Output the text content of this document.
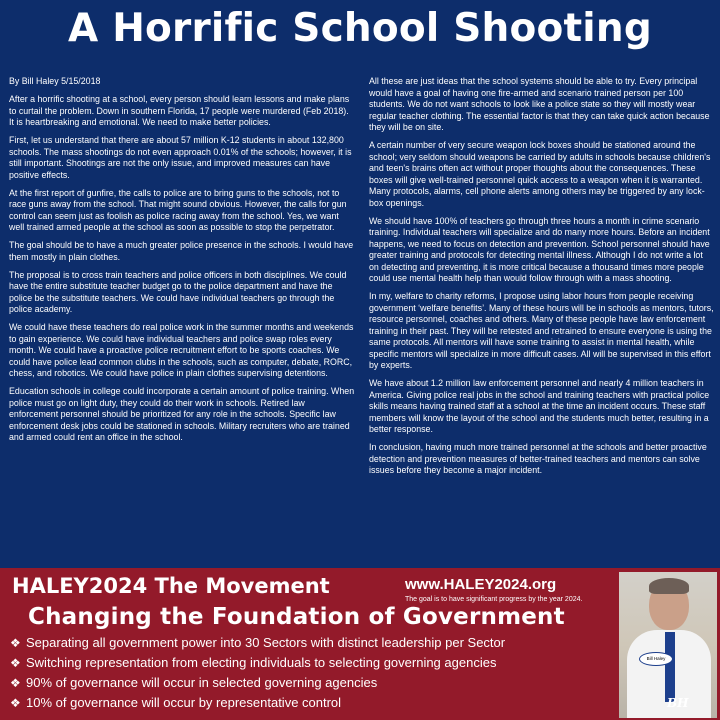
A Horrific School Shooting

By Bill Haley 5/15/2018

After a horrific shooting at a school, every person should learn lessons and make plans to curtail the problem. Down in southern Florida, 17 people were murdered (Feb 2018). It is heartbreaking and emotional. We need to make better policies.

First, let us understand that there are about 57 million K-12 students in about 132,800 schools. The mass shootings do not even approach 0.01% of the schools; however, it is still important. Shootings are not the only issue, and improved measures can have positive effects.

At the first report of gunfire, the calls to police are to bring guns to the schools, not to race guns away from the school. That might sound obvious. However, the calls for gun control can seem just as foolish as police racing away from the school. Yes, we want well trained armed people at the school as soon as possible to stop the perpetrator.

The goal should be to have a much greater police presence in the schools. I would have them mostly in plain clothes.

The proposal is to cross train teachers and police officers in both disciplines. We could have the entire substitute teacher budget go to the police department and have the police be the substitute teachers. We could have individual teachers go through the police academy.

We could have these teachers do real police work in the summer months and weekends to gain experience. We could have individual teachers and police swap roles every month. We could have a proactive police recruitment effort to be sports coaches. We could have police lead common clubs in the schools, such as computer, debate, RORC, chess, and robotics. We could have police in plain clothes supervising detentions.

Education schools in college could incorporate a certain amount of police training. When police must go on light duty, they could do their work in schools. Retired law enforcement personnel should be prioritized for any role in the schools. Specific law enforcement desk jobs could be stationed in schools. Military recruiters who are trained and armed could rent an office in the school.

All these are just ideas that the school systems should be able to try. Every principal would have a goal of having one fire-armed and scenario trained person per 100 students. We do not want schools to look like a police state so they will mostly wear regular teacher clothing. The essential factor is that they can take quick action because they will be on site.

A certain number of very secure weapon lock boxes should be stationed around the school; very seldom should weapons be carried by adults in schools because children's and teen's brains often act without proper thoughts about the consequences. These boxes will give well-trained personnel quick access to a weapon when it is warranted. Many protocols, alarms, cell phone alerts among others may be triggered by any lock-box openings.

We should have 100% of teachers go through three hours a month in crime scenario training. Individual teachers will specialize and do many more hours. Before an incident happens, we need to focus on detection and prevention. School personnel should have greater training and protocols for detecting mental illness. Although I do not write a lot on detecting and preventing, it is more critical because a thousand times more people could use mental health help than would follow through with a mass shooting.

In my, welfare to charity reforms, I propose using labor hours from people receiving government ‘welfare benefits’. Many of these hours will be in schools as mentors, tutors, resource personnel, coaches and others. Many of these people have law enforcement training in their past. They will be retested and retrained to ensure everyone is using the same protocols. All mentors will have some training to assist in mental health, while specific mentors will specialize in more difficult cases. All will be supervised in this effort by experts.

We have about 1.2 million law enforcement personnel and nearly 4 million teachers in America. Giving police real jobs in the school and training teachers with practical police skills means having trained staff at a school at the time an incident occurs. These staff members will know the layout of the school and the students much better, resulting in a better response.

In conclusion, having much more trained personnel at the schools and better proactive detection and prevention measures of better-trained teachers and mentors can solve issues before they become a major incident.

HALEY2024 The Movement	www.HALEY2024.org
The goal is to have significant progress by the year 2024.
Changing the Foundation of Government
❖ Separating all government power into 30 Sectors with distinct leadership per Sector
❖ Switching representation from electing individuals to selecting governing agencies
❖ 90% of governance will occur in selected governing agencies
❖ 10% of governance will occur by representative control
Bill Haley
BH
